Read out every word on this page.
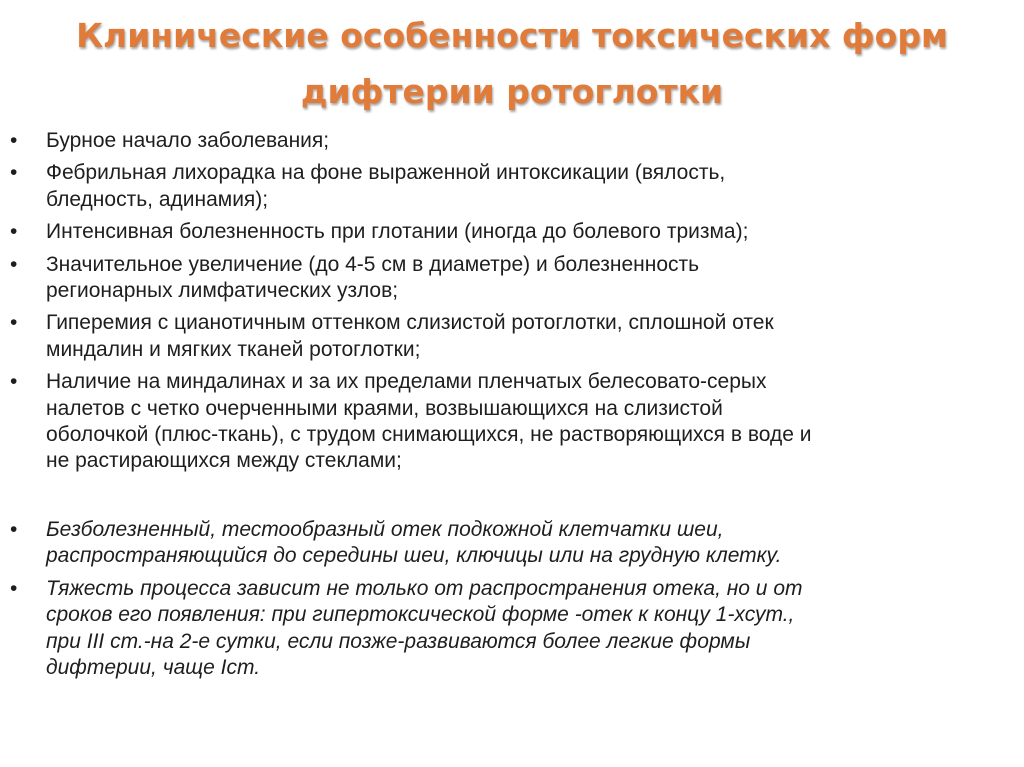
Клинические особенности токсических форм
дифтерии ротоглотки
• Бурное начало заболевания;
• Фебрильная лихорадка на фоне выраженной интоксикации (вялость,
бледность, адинамия);
• Интенсивная болезненность при глотании (иногда до болевого тризма);
• Значительное увеличение (до 4-5 см в диаметре) и болезненность
регионарных лимфатических узлов;
• Гиперемия с цианотичным оттенком слизистой ротоглотки, сплошной отек
миндалин и мягких тканей ротоглотки;
• Наличие на миндалинах и за их пределами пленчатых белесовато-серых
налетов с четко очерченными краями, возвышающихся на слизистой
оболочкой (плюс-ткань), с трудом снимающихся, не растворяющихся в воде и
не растирающихся между стеклами;
• Безболезненный, тестообразный отек подкожной клетчатки шеи,
распространяющийся до середины шеи, ключицы или на грудную клетку.
• Тяжесть процесса зависит не только от распространения отека, но и от
сроков его появления: при гипертоксической форме -отек к концу 1-хсут.,
при III ст.-на 2-е сутки, если позже-развиваются более легкие формы
дифтерии, чаще Iст.
